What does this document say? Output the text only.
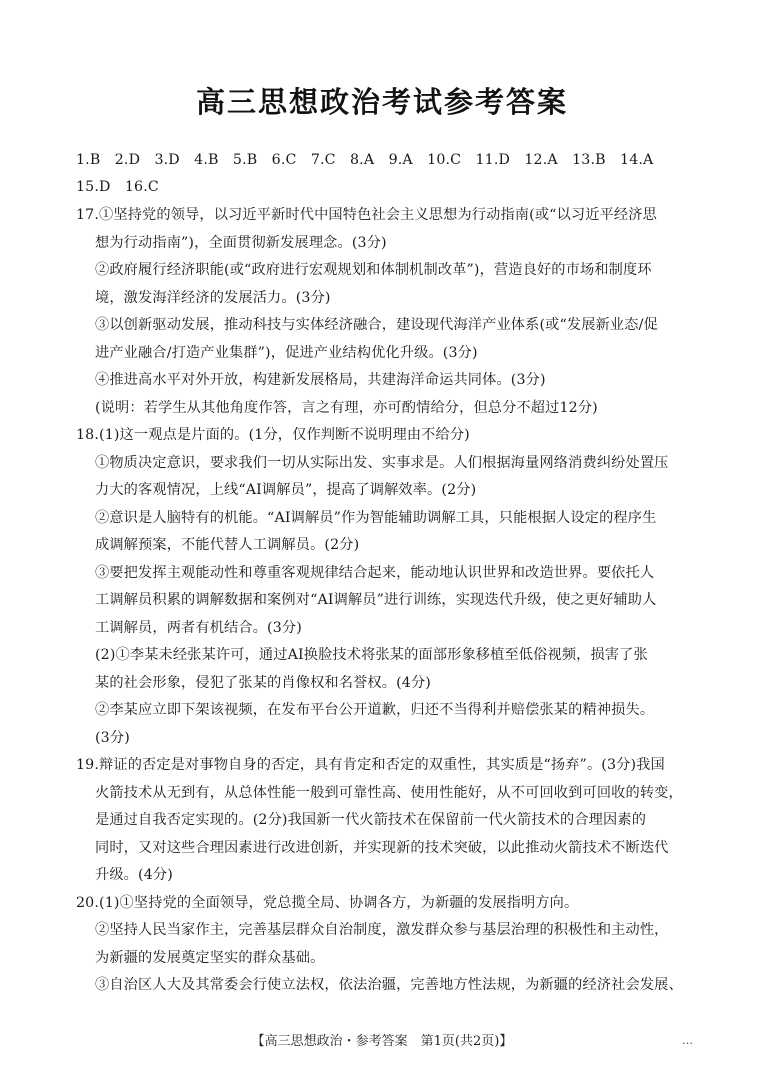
高三思想政治考试参考答案
1.B　2.D　3.D　4.B　5.B　6.C　7.C　8.A　9.A　10.C　11.D　12.A　13.B　14.A
15.D　16.C
17.①坚持党的领导，以习近平新时代中国特色社会主义思想为行动指南(或“以习近平经济思
想为行动指南”)，全面贯彻新发展理念。(3分)
②政府履行经济职能(或“政府进行宏观规划和体制机制改革”)，营造良好的市场和制度环
境，激发海洋经济的发展活力。(3分)
③以创新驱动发展，推动科技与实体经济融合，建设现代海洋产业体系(或“发展新业态/促
进产业融合/打造产业集群”)，促进产业结构优化升级。(3分)
④推进高水平对外开放，构建新发展格局，共建海洋命运共同体。(3分)
(说明：若学生从其他角度作答，言之有理，亦可酌情给分，但总分不超过12分)
18.(1)这一观点是片面的。(1分，仅作判断不说明理由不给分)
①物质决定意识，要求我们一切从实际出发、实事求是。人们根据海量网络消费纠纷处置压
力大的客观情况，上线“AI调解员”，提高了调解效率。(2分)
②意识是人脑特有的机能。“AI调解员”作为智能辅助调解工具，只能根据人设定的程序生
成调解预案，不能代替人工调解员。(2分)
③要把发挥主观能动性和尊重客观规律结合起来，能动地认识世界和改造世界。要依托人
工调解员积累的调解数据和案例对“AI调解员”进行训练，实现迭代升级，使之更好辅助人
工调解员，两者有机结合。(3分)
(2)①李某未经张某许可，通过AI换脸技术将张某的面部形象移植至低俗视频，损害了张
某的社会形象，侵犯了张某的肖像权和名誉权。(4分)
②李某应立即下架该视频，在发布平台公开道歉，归还不当得利并赔偿张某的精神损失。
(3分)
19.辩证的否定是对事物自身的否定，具有肯定和否定的双重性，其实质是“扬弃”。(3分)我国
火箭技术从无到有，从总体性能一般到可靠性高、使用性能好，从不可回收到可回收的转变，
是通过自我否定实现的。(2分)我国新一代火箭技术在保留前一代火箭技术的合理因素的
同时，又对这些合理因素进行改进创新，并实现新的技术突破，以此推动火箭技术不断迭代
升级。(4分)
20.(1)①坚持党的全面领导，党总揽全局、协调各方，为新疆的发展指明方向。
②坚持人民当家作主，完善基层群众自治制度，激发群众参与基层治理的积极性和主动性，
为新疆的发展奠定坚实的群众基础。
③自治区人大及其常委会行使立法权，依法治疆，完善地方性法规，为新疆的经济社会发展、
【高三思想政治・参考答案　第1页(共2页)】	…
